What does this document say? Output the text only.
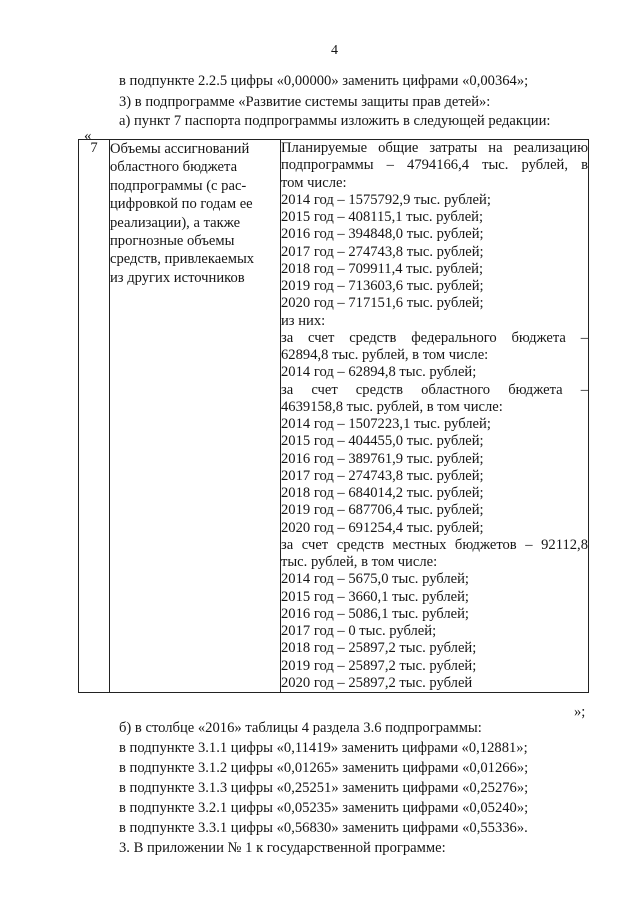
4
в подпункте 2.2.5 цифры «0,00000» заменить цифрами «0,00364»;
3) в подпрограмме «Развитие системы защиты прав детей»:
а) пункт 7 паспорта подпрограммы изложить в следующей редакции:
«
7	Объемы ассигнований
областного бюджета
подпрограммы (с рас-
цифровкой по годам ее
реализации), а также
прогнозные объемы
средств, привлекаемых
из других источников

Планируемые общие затраты на реализацию
подпрограммы – 4794166,4 тыс. рублей, в
том числе:
2014 год – 1575792,9 тыс. рублей;
2015 год – 408115,1 тыс. рублей;
2016 год – 394848,0 тыс. рублей;
2017 год – 274743,8 тыс. рублей;
2018 год – 709911,4 тыс. рублей;
2019 год – 713603,6 тыс. рублей;
2020 год – 717151,6 тыс. рублей;
из них:
за счет средств федерального бюджета –
62894,8 тыс. рублей, в том числе:
2014 год – 62894,8 тыс. рублей;
за счет средств областного бюджета –
4639158,8 тыс. рублей, в том числе:
2014 год – 1507223,1 тыс. рублей;
2015 год – 404455,0 тыс. рублей;
2016 год – 389761,9 тыс. рублей;
2017 год – 274743,8 тыс. рублей;
2018 год – 684014,2 тыс. рублей;
2019 год – 687706,4 тыс. рублей;
2020 год – 691254,4 тыс. рублей;
за счет средств местных бюджетов – 92112,8
тыс. рублей, в том числе:
2014 год – 5675,0 тыс. рублей;
2015 год – 3660,1 тыс. рублей;
2016 год – 5086,1 тыс. рублей;
2017 год – 0 тыс. рублей;
2018 год – 25897,2 тыс. рублей;
2019 год – 25897,2 тыс. рублей;
2020 год – 25897,2 тыс. рублей
»;
б) в столбце «2016» таблицы 4 раздела 3.6 подпрограммы:
в подпункте 3.1.1 цифры «0,11419» заменить цифрами «0,12881»;
в подпункте 3.1.2 цифры «0,01265» заменить цифрами «0,01266»;
в подпункте 3.1.3 цифры «0,25251» заменить цифрами «0,25276»;
в подпункте 3.2.1 цифры «0,05235» заменить цифрами «0,05240»;
в подпункте 3.3.1 цифры «0,56830» заменить цифрами «0,55336».
3. В приложении № 1 к государственной программе:
